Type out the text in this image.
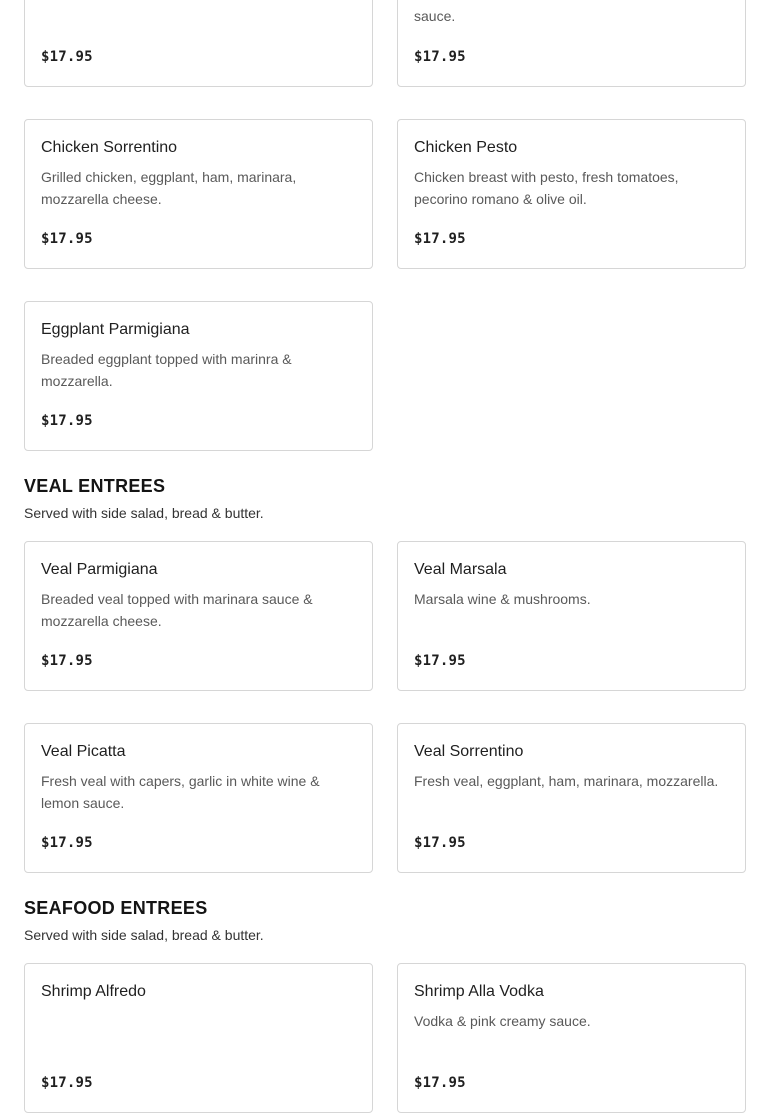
$17.95
sauce.
$17.95
Chicken Sorrentino
Grilled chicken, eggplant, ham, marinara, mozzarella cheese.
$17.95
Chicken Pesto
Chicken breast with pesto, fresh tomatoes, pecorino romano & olive oil.
$17.95
Eggplant Parmigiana
Breaded eggplant topped with marinra & mozzarella.
$17.95
VEAL ENTREES
Served with side salad, bread & butter.
Veal Parmigiana
Breaded veal topped with marinara sauce & mozzarella cheese.
$17.95
Veal Marsala
Marsala wine & mushrooms.
$17.95
Veal Picatta
Fresh veal with capers, garlic in white wine & lemon sauce.
$17.95
Veal Sorrentino
Fresh veal, eggplant, ham, marinara, mozzarella.
$17.95
SEAFOOD ENTREES
Served with side salad, bread & butter.
Shrimp Alfredo
$17.95
Shrimp Alla Vodka
Vodka & pink creamy sauce.
$17.95
